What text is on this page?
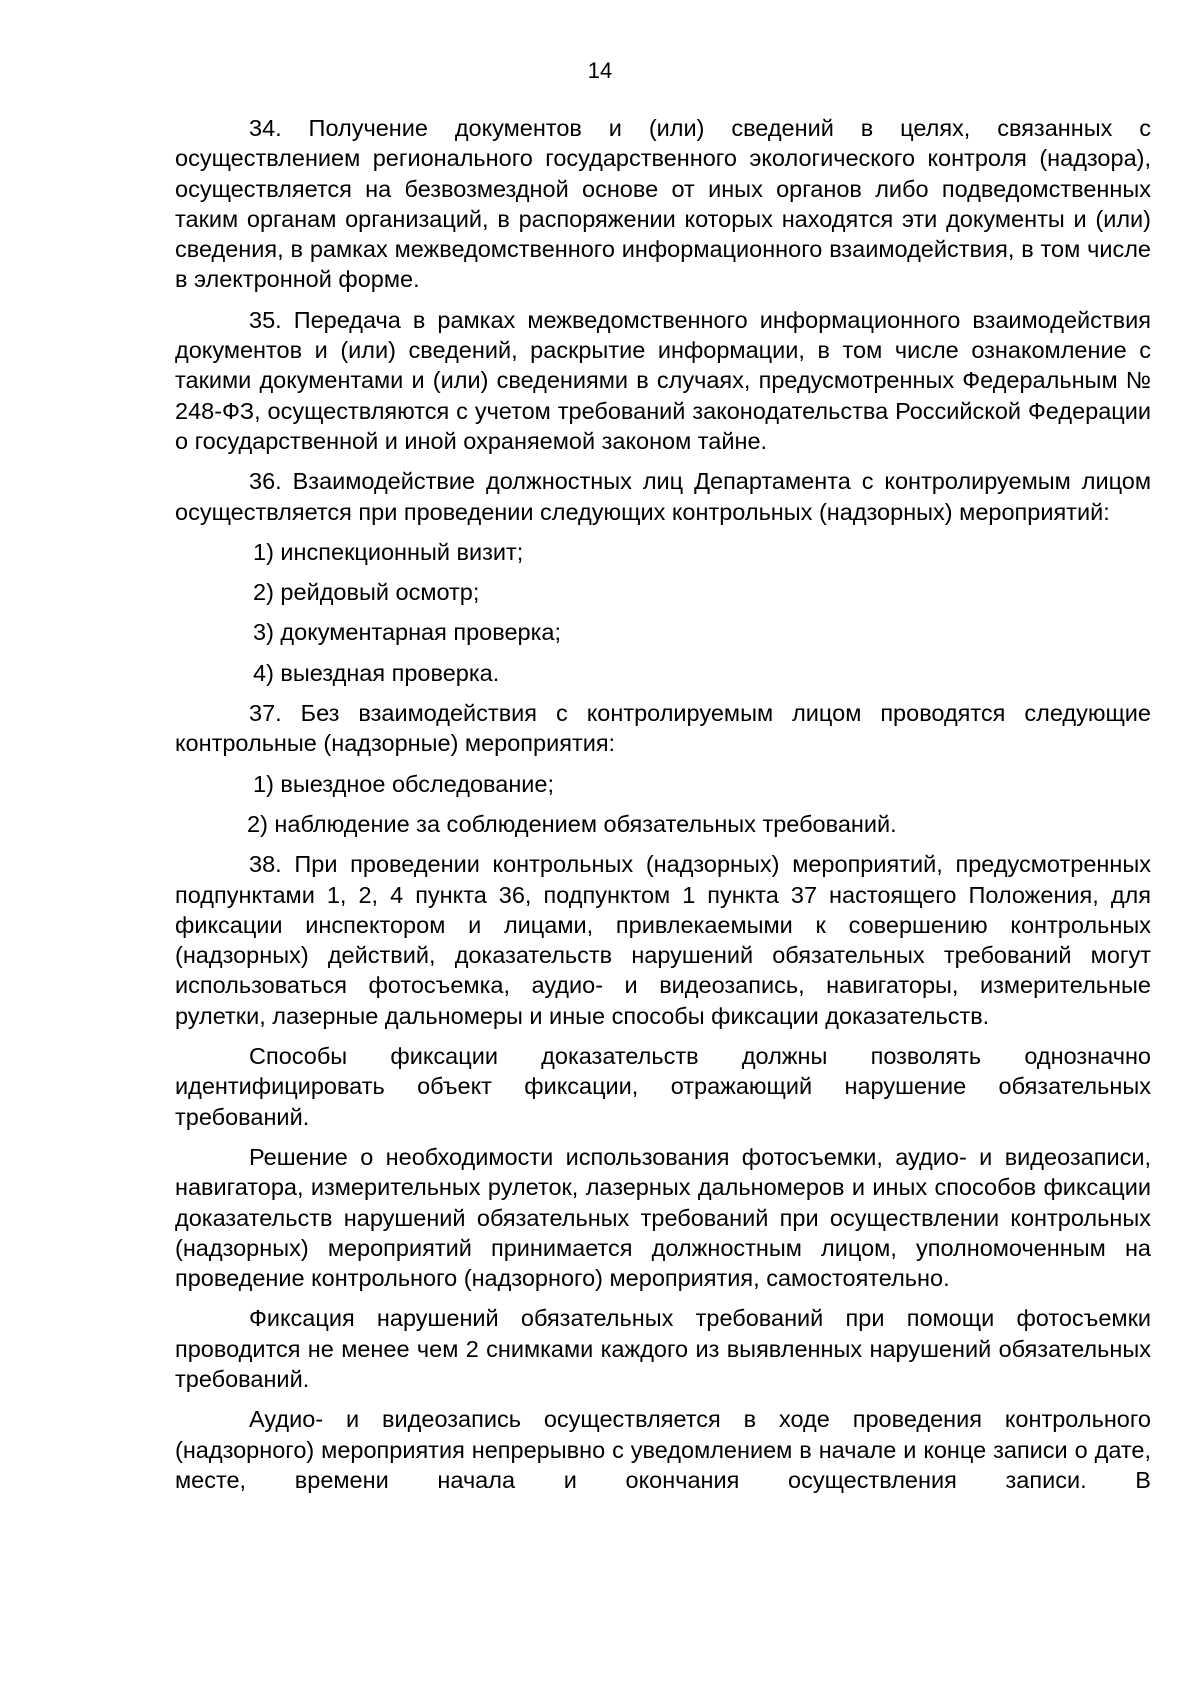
14

34. Получение документов и (или) сведений в целях, связанных с осуществлением регионального государственного экологического контроля (надзора), осуществляется на безвозмездной основе от иных органов либо подведомственных таким органам организаций, в распоряжении которых находятся эти документы и (или) сведения, в рамках межведомственного информационного взаимодействия, в том числе в электронной форме.

35. Передача в рамках межведомственного информационного взаимодействия документов и (или) сведений, раскрытие информации, в том числе ознакомление с такими документами и (или) сведениями в случаях, предусмотренных Федеральным № 248-ФЗ, осуществляются с учетом требований законодательства Российской Федерации о государственной и иной охраняемой законом тайне.

36. Взаимодействие должностных лиц Департамента с контролируемым лицом осуществляется при проведении следующих контрольных (надзорных) мероприятий:

1) инспекционный визит;

2) рейдовый осмотр;

3) документарная проверка;

4) выездная проверка.

37. Без взаимодействия с контролируемым лицом проводятся следующие контрольные (надзорные) мероприятия:

1) выездное обследование;

2) наблюдение за соблюдением обязательных требований.

38. При проведении контрольных (надзорных) мероприятий, предусмотренных подпунктами 1, 2, 4 пункта 36, подпунктом 1 пункта 37 настоящего Положения, для фиксации инспектором и лицами, привлекаемыми к совершению контрольных (надзорных) действий, доказательств нарушений обязательных требований могут использоваться фотосъемка, аудио- и видеозапись, навигаторы, измерительные рулетки, лазерные дальномеры и иные способы фиксации доказательств.

Способы фиксации доказательств должны позволять однозначно идентифицировать объект фиксации, отражающий нарушение обязательных требований.

Решение о необходимости использования фотосъемки, аудио- и видеозаписи, навигатора, измерительных рулеток, лазерных дальномеров и иных способов фиксации доказательств нарушений обязательных требований при осуществлении контрольных (надзорных) мероприятий принимается должностным лицом, уполномоченным на проведение контрольного (надзорного) мероприятия, самостоятельно.

Фиксация нарушений обязательных требований при помощи фотосъемки проводится не менее чем 2 снимками каждого из выявленных нарушений обязательных требований.

Аудио- и видеозапись осуществляется в ходе проведения контрольного (надзорного) мероприятия непрерывно с уведомлением в начале и конце записи о дате, месте, времени начала и окончания осуществления записи. В
